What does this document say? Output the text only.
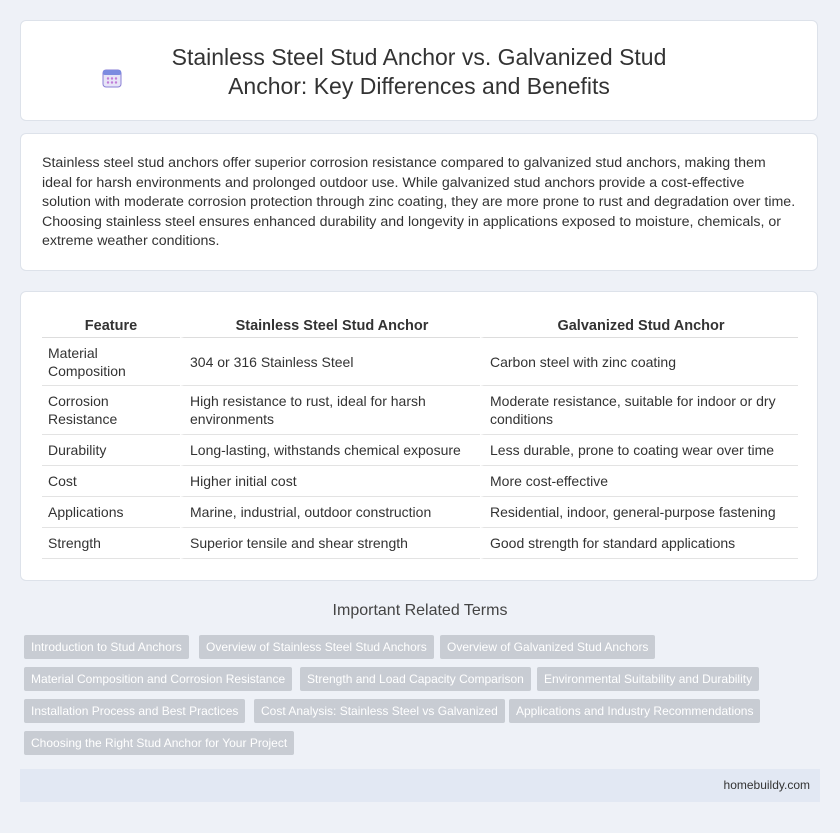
Stainless Steel Stud Anchor vs. Galvanized Stud Anchor: Key Differences and Benefits
Stainless steel stud anchors offer superior corrosion resistance compared to galvanized stud anchors, making them ideal for harsh environments and prolonged outdoor use. While galvanized stud anchors provide a cost-effective solution with moderate corrosion protection through zinc coating, they are more prone to rust and degradation over time. Choosing stainless steel ensures enhanced durability and longevity in applications exposed to moisture, chemicals, or extreme weather conditions.
Feature	Stainless Steel Stud Anchor	Galvanized Stud Anchor
Material Composition	304 or 316 Stainless Steel	Carbon steel with zinc coating
Corrosion Resistance	High resistance to rust, ideal for harsh environments	Moderate resistance, suitable for indoor or dry conditions
Durability	Long-lasting, withstands chemical exposure	Less durable, prone to coating wear over time
Cost	Higher initial cost	More cost-effective
Applications	Marine, industrial, outdoor construction	Residential, indoor, general-purpose fastening
Strength	Superior tensile and shear strength	Good strength for standard applications
Important Related Terms
Introduction to Stud Anchors	Overview of Stainless Steel Stud Anchors	Overview of Galvanized Stud Anchors
Material Composition and Corrosion Resistance	Strength and Load Capacity Comparison	Environmental Suitability and Durability
Installation Process and Best Practices	Cost Analysis: Stainless Steel vs Galvanized	Applications and Industry Recommendations
Choosing the Right Stud Anchor for Your Project
homebuildy.com
